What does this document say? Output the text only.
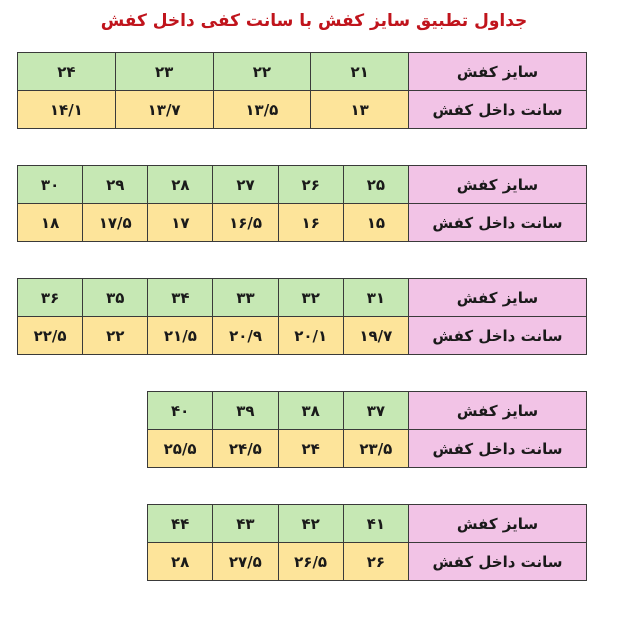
جداول تطبیق سایز کفش با سانت کفی داخل کفش
سایز کفش	۲۱	۲۲	۲۳	۲۴
سانت داخل کفش	۱۳	۱۳/۵	۱۳/۷	۱۴/۱
سایز کفش	۲۵	۲۶	۲۷	۲۸	۲۹	۳۰
سانت داخل کفش	۱۵	۱۶	۱۶/۵	۱۷	۱۷/۵	۱۸
سایز کفش	۳۱	۳۲	۳۳	۳۴	۳۵	۳۶
سانت داخل کفش	۱۹/۷	۲۰/۱	۲۰/۹	۲۱/۵	۲۲	۲۲/۵
سایز کفش	۳۷	۳۸	۳۹	۴۰
سانت داخل کفش	۲۳/۵	۲۴	۲۴/۵	۲۵/۵
سایز کفش	۴۱	۴۲	۴۳	۴۴
سانت داخل کفش	۲۶	۲۶/۵	۲۷/۵	۲۸
